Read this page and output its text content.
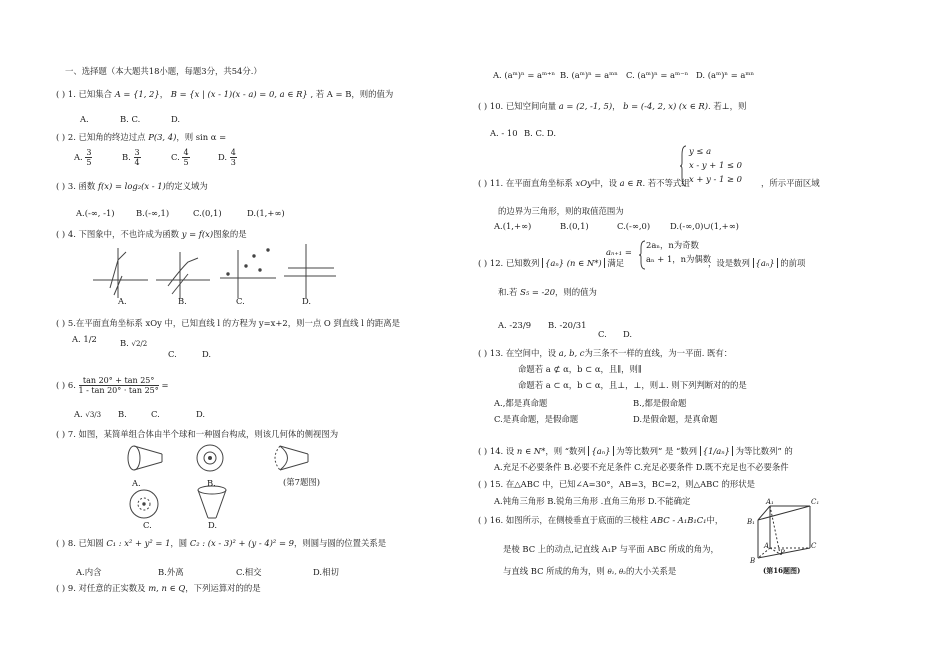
一、选择题（本大题共18小题，每题3分，共54分.）
( ) 1. 已知集合 A = {1, 2}， B = {x | (x - 1)(x - a) = 0, a ∈ R} , 若 A = B，则的值为
A.	B. C.	D.
( ) 2. 已知角的终边过点 P(3, 4)，则 sin α =
A. $\frac{3}{5}$	B. $\frac{3}{4}$	C. $\frac{4}{5}$	D. $\frac{4}{3}$
( ) 3. 函数 f(x) = log₂(x - 1)的定义域为
A.(-∞, -1)	B.(-∞,1)	C.(0,1)	D.(1,+∞)
( ) 4. 下图象中，不也许成为函数 y = f(x)图象的是
A.	B.	C.	D.
( ) 5.在平面直角坐标系 xOy 中，已知直线 l 的方程为 y=x+2，则一点 O 到直线 l 的距离是
A. 1/2	B. √2/2
C.	D.
( ) 6. $\frac{\tan 20^\circ + \tan 25^\circ}{1 - \tan 20^\circ \cdot \tan 25^\circ}$ =
A. √3/3 B.	C.	D.
( ) 7. 如图，某简单组合体由半个球和一种圆台构成，则该几何体的侧视图为
A.	B.	(第7题图)
C.	D.
( ) 8. 已知圆 C₁ : x² + y² = 1，圆 C₂ : (x - 3)² + (y - 4)² = 9，则圆与圆的位置关系是
A.内含	B.外离	C.相交	D.相切
( ) 9. 对任意的正实数及 m, n ∈ Q，下列运算对的的是
A. (aᵐ)ⁿ = aᵐ⁺ⁿ B. (aᵐ)ⁿ = aᵐⁿ C. (aᵐ)ⁿ = aᵐ⁻ⁿ D. (aᵐ)ⁿ = aᵐⁿ
( ) 10. 已知空间向量 a = (2, -1, 5)， b = (-4, 2, x) (x ∈ R). 若⊥，则
A. - 10 B. C. D.
( ) 11. 在平面直角坐标系 xOy中，设 a ∈ R. 若不等式组
y ≤ a
x - y + 1 ≤ 0
x + y - 1 ≥ 0 ，所示平面区域
的边界为三角形，则的取值范围为
A.(1,+∞)	B.(0,1)	C.(-∞,0) D.(-∞,0)∪(1,+∞)
( ) 12. 已知数列 {aₙ} (n ∈ N*) 满足
aₙ₊₁ =
2aₙ，n为奇数
aₙ + 1，n为偶数
，设是数列 {aₙ} 的前项
和.若 S₅ = -20，则的值为
A. -23/9 B. -20/31
C. D.
( ) 13. 在空间中，设 a, b, c为三条不一样的直线，为一平面. 既有：
命题若 a ⊄ α，b ⊂ α，且∥，则∥
命题若 a ⊂ α，b ⊂ α，且⊥，⊥，则⊥. 则下列判断对的的是
A.,都是真命题	B.,都是假命题
C.是真命题，是假命题	D.是假命题，是真命题
( ) 14. 设 n ∈ N*，则 “数列 {aₙ} 为等比数列” 是 “数列 {1/aₙ} 为等比数列” 的
A.充足不必要条件 B.必要不充足条件 C.充足必要条件 D.既不充足也不必要条件
( ) 15. 在△ABC 中，已知∠A=30°，AB=3，BC=2，则△ABC 的形状是
A.钝角三角形 B.锐角三角形 .直角三角形 D.不能确定
( ) 16. 如图所示，在侧棱垂直于底面的三棱柱 ABC - A₁B₁C₁中，
是棱 BC 上的动点,记直线 A₁P 与平面 ABC 所成的角为，
与直线 BC 所成的角为，则 θ₁, θ₂的大小关系是
A₁	C₁
B₁
A	C
B
P
(第16题图)
